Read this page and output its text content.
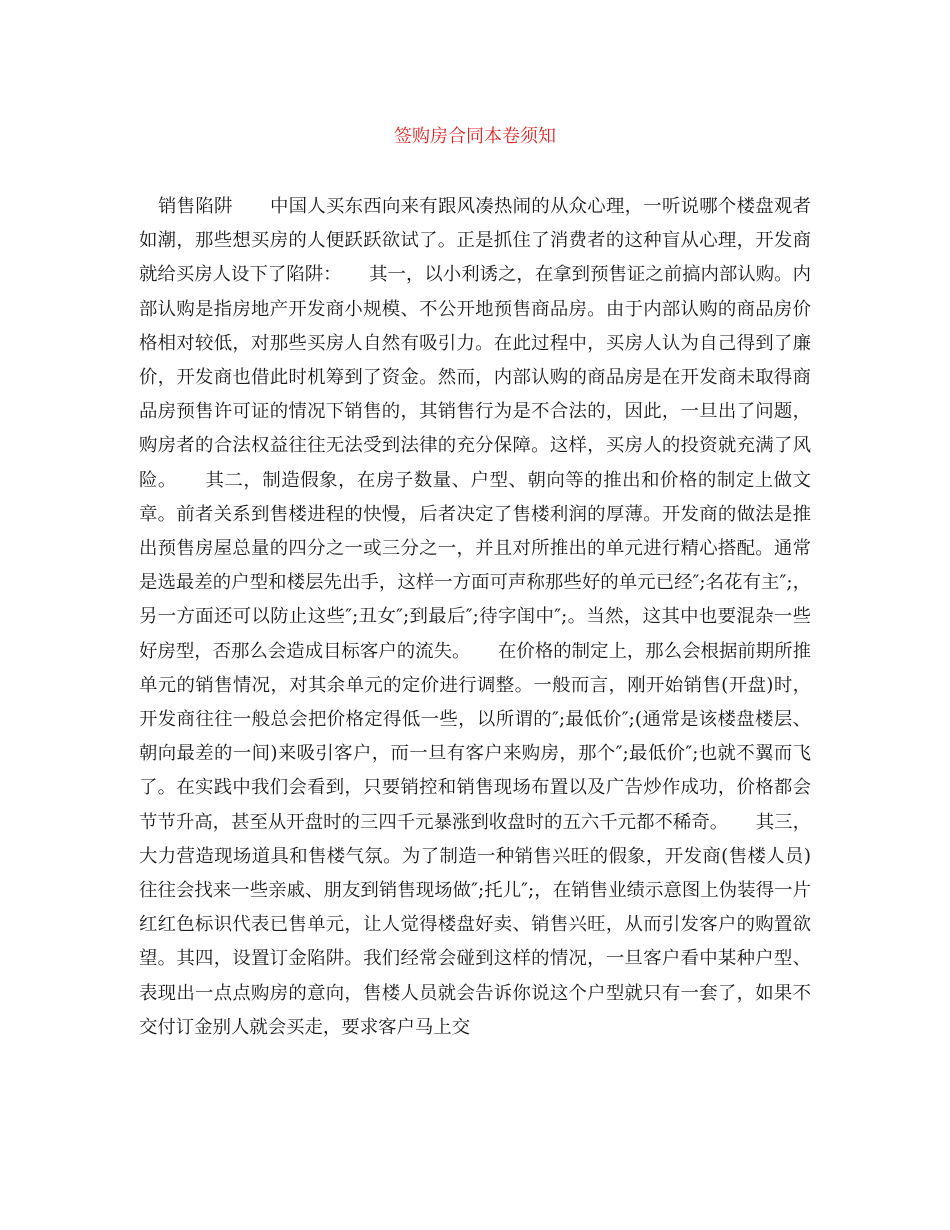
签购房合同本卷须知

销售陷阱　　中国人买东西向来有跟风凑热闹的从众心理，一听说哪个楼盘观者如潮，那些想买房的人便跃跃欲试了。正是抓住了消费者的这种盲从心理，开发商就给买房人设下了陷阱：　　其一，以小利诱之，在拿到预售证之前搞内部认购。内部认购是指房地产开发商小规模、不公开地预售商品房。由于内部认购的商品房价格相对较低，对那些买房人自然有吸引力。在此过程中，买房人认为自己得到了廉价，开发商也借此时机筹到了资金。然而，内部认购的商品房是在开发商未取得商品房预售许可证的情况下销售的，其销售行为是不合法的，因此，一旦出了问题，购房者的合法权益往往无法受到法律的充分保障。这样，买房人的投资就充满了风险。　　其二，制造假象，在房子数量、户型、朝向等的推出和价格的制定上做文章。前者关系到售楼进程的快慢，后者决定了售楼利润的厚薄。开发商的做法是推出预售房屋总量的四分之一或三分之一，并且对所推出的单元进行精心搭配。通常是选最差的户型和楼层先出手，这样一方面可声称那些好的单元已经″;名花有主″;，另一方面还可以防止这些″;丑女″;到最后″;待字闺中″;。当然，这其中也要混杂一些好房型，否那么会造成目标客户的流失。　　在价格的制定上，那么会根据前期所推单元的销售情况，对其余单元的定价进行调整。一般而言，刚开始销售(开盘)时，开发商往往一般总会把价格定得低一些，以所谓的″;最低价″;(通常是该楼盘楼层、朝向最差的一间)来吸引客户，而一旦有客户来购房，那个″;最低价″;也就不翼而飞了。在实践中我们会看到，只要销控和销售现场布置以及广告炒作成功，价格都会节节升高，甚至从开盘时的三四千元暴涨到收盘时的五六千元都不稀奇。　　其三，大力营造现场道具和售楼气氛。为了制造一种销售兴旺的假象，开发商(售楼人员)往往会找来一些亲戚、朋友到销售现场做″;托儿″;，在销售业绩示意图上伪装得一片红红色标识代表已售单元，让人觉得楼盘好卖、销售兴旺，从而引发客户的购置欲望。其四，设置订金陷阱。我们经常会碰到这样的情况，一旦客户看中某种户型、表现出一点点购房的意向，售楼人员就会告诉你说这个户型就只有一套了，如果不交付订金别人就会买走，要求客户马上交
